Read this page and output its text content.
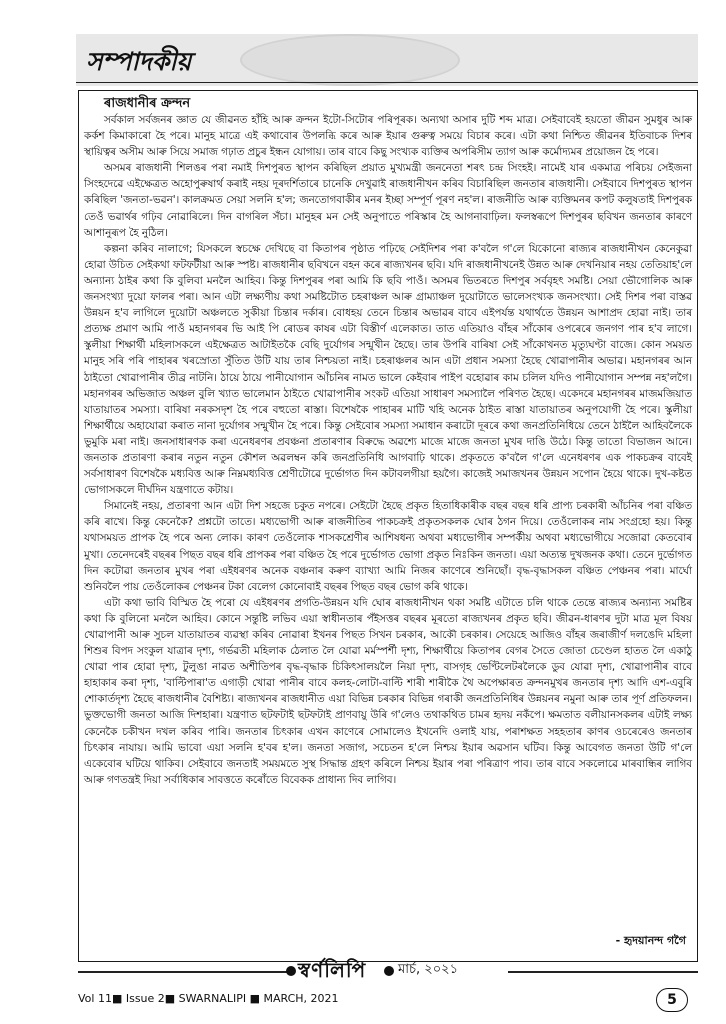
সম্পাদকীয়
ৰাজধানীৰ ক্ৰন্দন

সৰ্বকাল সৰ্বজনৰ জ্ঞাত যে জীৱনত হাঁহি আৰু ক্ৰন্দন ইটো-সিটোৰ পৰিপূৰক। অন্যথা অসাৰ দুটি শব্দ মাত্ৰ। সেইবাবেই হয়তো জীৱন সুমধুৰ আৰু কৰ্কশ কিমাকাৰো হৈ পৰে। মানুহ মাত্ৰে এই কথাবোৰ উপলব্ধি কৰে আৰু ইয়াৰ গুৰুত্ব সময়ে বিচাৰ কৰে। এটা কথা নিশ্চিত জীৱনৰ ইতিবাচক দিশৰ স্থায়িত্বৰ অসীম আৰু সিয়ে সমাজ গঢ়াত প্ৰচুৰ ইন্ধন যোগায়। তাৰ বাবে কিছু সংখ্যক ব্যক্তিৰ অপৰিসীম ত্যাগ আৰু কৰ্মোদ্যমৰ প্ৰয়োজন হৈ পৰে।

অসমৰ ৰাজধানী শিলঙৰ পৰা নমাই দিশপুৰত স্থাপন কৰিছিল প্ৰয়াত মুখ্যমন্ত্ৰী জননেতা শৰৎ চন্দ্ৰ সিংহই। নামেই যাৰ একমাত্ৰ পৰিচয় সেইজনা সিংহদেৱে এইক্ষেত্ৰত অহোপুৰুষাৰ্থ কৰাই নহয় দূৰদৰ্শিতাৰে চানেকি দেখুৱাই ৰাজধানীখন কৰিব বিচাৰিছিল জনতাৰ ৰাজধানী। সেইবাবে দিশপুৰত স্থাপন কৰিছিল 'জনতা-ভৱন'। কালক্ৰমত সেয়া সলনি হ'ল; জনতোগবাকীৰ মনৰ ইচ্ছা সম্পূৰ্ণ পূৰণ নহ'ল। ৰাজনীতি আৰু ব্যক্তিমনৰ কপট কলুষতাই দিশপুৰক তেওঁ ভৱাৰ্থৰ গঢ়িব নোৱাৰিলে। দিন বাগৰিল সঁচা। মানুহৰ মন সেই অনুপাতে পৰিস্কাৰ হৈ আগনাবাঢ়িল। ফলস্বৰূপে দিশপুৰৰ ছবিখন জনতাৰ কাৰণে আশানুৰূপ হৈ নুঠিল।

কল্পনা কৰিব নালাগে; যিসকলে স্বচক্ষে দেখিছে বা কিতাপৰ পৃষ্ঠাত পঢ়িছে সেইদিশৰ পৰা ক'বলৈ গ'লে যিকোনো ৰাজ্যৰ ৰাজধানীখন কেনেকুৱা হোৱা উচিত সেইকথা ফটফটীয়া আৰু স্পষ্ট। ৰাজধানীৰ ছবিখনে বহন কৰে ৰাজ্যখনৰ ছবি। যদি ৰাজধানীখনেই উন্নত আৰু দেখনিয়াৰ নহয় তেতিয়াহ'লে অন্যান্য ঠাইৰ কথা কি বুলিবা মনলৈ আহিব। কিন্তু দিশপুৰৰ পৰা আমি কি ছবি পাওঁ। অসমৰ ভিতৰতে দিশপুৰ সৰ্ববৃহৎ সমষ্টি। সেয়া ভৌগোলিক আৰু জনসংখ্যা দুয়ো ফালৰ পৰা। আন এটা লক্ষ্যণীয় কথা সমষ্টিটোত চহৰাঞ্চল আৰু গ্ৰাম্যাঞ্চল দুয়োটাতে ভালেসংখ্যক জনসংখ্যা। সেই দিশৰ পৰা বাস্তৱ উন্নয়ন হ'ব লাগিলে দুয়োটা অঞ্চলতে সুকীয়া চিন্তাৰ দৰ্কাৰ। বোধহয় তেনে চিন্তাৰ অভাৱৰ বাবে এইপৰ্যন্ত যথাৰ্থতে উন্নয়ন আশাপ্ৰদ হোৱা নাই। তাৰ প্ৰত্যক্ষ প্ৰমাণ আমি পাওঁ মহানগৰৰ ভি আই পি ৰোডৰ কাষৰ এটা বিস্তীৰ্ণ এলেকাত। তাত এতিয়াও বাঁহৰ সাঁকোৰ ওপৰেৰে জনগণ পাৰ হ'ব লাগে। স্কুলীয়া শিক্ষাৰ্থী মহিলাসকলে এইক্ষেত্ৰত আটাইতকৈ বেছি দুৰ্যোগৰ সন্মুখীন হৈছে। তাৰ উপৰি বাৰিষা সেই সাঁকোখনত মৃত্যুঘণ্টা বাজে। কোন সময়ত মানুহ সৰি পৰি পাহাৰৰ খৰস্ৰোতা সুঁতিত উটি যায় তাৰ নিশ্চয়তা নাই। চহৰাঞ্চলৰ আন এটা প্ৰধান সমস্যা হৈছে খোৱাপানীৰ অভাৱ। মহানগৰৰ আন ঠাইতো খোৱাপানীৰ তীব্ৰ নাটনি। ঠায়ে ঠায়ে পানীযোগান আঁচনিৰ নামত ভালে কেইবাৰ পাইপ বহোৱাৰ কাম চলিল যদিও পানীযোগান সম্পন্ন নহ'লগৈ। মহানগৰৰ অভিজাত অঞ্চল বুলি খ্যাত ভালেমান ঠাইতে খোৱাপানীৰ সংকট এতিয়া সাধাৰণ সমস্যালৈ পৰিণত হৈছে। একেদৰে মহানগৰৰ মাজমজিয়াত যাতায়াতৰ সমস্যা। বাৰিষা নৰকসদৃশ হৈ পৰে বহুতো ৰাস্তা। বিশেষকৈ পাহাৰৰ মাটি খহি অনেক ঠাইত ৰাস্তা যাতায়াতৰ অনুপযোগী হৈ পৰে। স্কুলীয়া শিক্ষাৰ্থীয়ে অহাযোৱা কৰাত নানা দুৰ্যোগৰ সন্মুখীন হৈ পৰে। কিন্তু সেইবোৰ সমস্যা সমাধান কৰাটো দূৰৰে কথা জনপ্ৰতিনিধিয়ে তেনে ঠাইলৈ আহিবলৈকে ভুমুকি মৰা নাই। জনসাধাৰণক কৰা এনেধৰণৰ প্ৰবঞ্চনা প্ৰতাৰণাৰ বিৰুদ্ধে অৱশ্যে মাজে মাজে জনতা মুখৰ দাঙি উঠে। কিন্তু তাতো বিভাজন আনে। জনতাক প্ৰতাৰণা কৰাৰ নতুন নতুন কৌশল অৱলম্বন কৰি জনপ্ৰতিনিধি আগবাঢ়ি থাকে। প্ৰকৃততে ক'বলৈ গ'লে এনেধৰণৰ এক পাকচক্ৰৰ বাবেই সৰ্বসাধাৰণ বিশেষকৈ মধ্যবিত্ত আৰু নিম্নমধ্যবিত্ত শ্ৰেণীটোৱে দুৰ্ভোগত দিন কটাবলগীয়া হয়গৈ। কাজেই সমাজখনৰ উন্নয়ন সপোন হৈয়ে থাকে। দুখ-কষ্টত ভোগাসকলে দীৰ্ঘদিন যন্ত্ৰণাতে কটায়।

সিমানেই নহয়, প্ৰতাৰণা আন এটা দিশ সহজে চকুত নপৰে। সেইটো হৈছে প্ৰকৃত হিতাধিকাৰীক বছৰ বছৰ ধৰি প্ৰাপ্য চৰকাৰী আঁচনিৰ পৰা বঞ্চিত কৰি ৰাখে। কিন্তু কেনেকৈ? প্ৰশ্নটো তাতে। মধ্যভোগী আৰু ৰাজনীতিৰ পাকচক্ৰই প্ৰকৃতসকলক ঘোৰ ঠগন দিয়ে। তেওঁলোকৰ নাম সংগ্ৰহো হয়। কিন্তু যথাসময়ত প্ৰাপক হৈ পৰে অন্য লোক। কাৰণ তেওঁলোক শাসকশ্ৰেণীৰ আশিষধন্য অথবা মধ্যভোগীৰ সম্পৰ্কীয় অথবা মধ্যভোগীয়ে সজোৱা কেতবোৰ মুখা। তেনেদৰেই বছৰৰ পিছত বছৰ ধৰি প্ৰাপকৰ পৰা বঞ্চিত হৈ পৰে দুৰ্ভোগত ভোগা প্ৰকৃত নিঃকিন জনতা। এয়া অত্যন্ত দুখজনক কথা। তেনে দুৰ্ভোগত দিন কটোৱা জনতাৰ মুখৰ পৰা এইধৰণৰ অনেক বঞ্চনাৰ কৰুণ ব্যাখ্যা আমি নিজৰ কাণেৰে শুনিছোঁ। বৃদ্ধ-বৃদ্ধাসকল বঞ্চিত পেঞ্চনৰ পৰা। মাৰ্ঘো শুনিবলৈ পায় তেওঁলোকৰ পেঞ্চনৰ টকা বেলেগ কোনোবাই বছৰৰ পিছত বছৰ ভোগ কৰি থাকে।

এটা কথা ভাবি বিস্মিত হৈ পৰো যে এইধৰণৰ প্ৰগতি-উন্নয়ন যদি ঘোৰ ৰাজধানীখন থকা সমষ্টি এটাতে চলি থাকে তেন্তে ৰাজ্যৰ অন্যান্য সমষ্টিৰ কথা কি বুলিনো মনলৈ আহিব। কোনে সন্তুষ্টি লভিব এয়া স্বাধীনতাৰ পঁইসত্তৰ বছৰৰ মূৰতো ৰাজ্যখনৰ প্ৰকৃত ছবি। জীৱন-ধাৰণৰ দুটা মাত্ৰ মূল বিষয় খোৱাপানী আৰু সুচল যাতায়াতৰ ব্যৱস্থা কৰিব নোৱাৰা ইখনৰ পিছত সিখন চৰকাৰ, আকৌ চৰকাৰ। সেয়েহে আজিও বাঁহৰ জৰাজীৰ্ণ দলঙেদি মহিলা শিশুৰ বিপদ সংকুল যাত্ৰাৰ দৃশ্য, গৰ্ভৱতী মহিলাক ঠেলাত লৈ যোৱা মৰ্মস্পৰ্শী দৃশ্য, শিক্ষাৰ্থীয়ে কিতাপৰ বেগৰ সৈতে জোতা চেণ্ডেল হাতত লৈ একাঠু খোৱা পাৰ হোৱা দৃশ্য, টুলুঙা নাৱত অশীতিপৰ বৃদ্ধ-বৃদ্ধাক চিকিৎসালয়লৈ নিয়া দৃশ্য, বাসগৃহ ভেণ্টিলেটৰলৈকে ডুব যোৱা দৃশ্য, খোৱাপানীৰ বাবে হাহাকাৰ কৰা দৃশ্য, 'বাল্টিপাৰা'ত এগাড়ী খোৱা পানীৰ বাবে কলহ-লোটা-বাল্টি শাৰী শাৰীকৈ থৈ অপেক্ষাৰত ক্ৰন্দনমুখৰ জনতাৰ দৃশ্য আদি এশ-এবুৰি শোকাৰ্তদৃশ্য হৈছে ৰাজধানীৰ বৈশিষ্ট্য। ৰাজ্যখনৰ ৰাজধানীত এয়া বিভিন্ন চৰকাৰ বিভিন্ন গৰাকী জনপ্ৰতিনিধিৰ উন্নয়নৰ নমুনা আৰু তাৰ পূৰ্ণ প্ৰতিফলন। ভুক্তভোগী জনতা আজি দিশহাৰা। যন্ত্ৰণাত ছটফটাই ছটফটাই প্ৰাণবায়ু উৰি গ'লেও তথাকথিত চামৰ হৃদয় নকঁপে। ক্ষমতাত বলীয়ানসকলৰ এটাই লক্ষ্য কেনেকৈ চকীখন দখল কৰিব পাৰি। জনতাৰ চিৎকাৰ এখন কাণেৰে সোমালেও ইখনেদি ওলাই যায়, পৰাশক্ষত সহহতাৰ কাণৰ ওচৰেৰেও জনতাৰ চিৎকাৰ নাযায়। আমি ভাবো এয়া সলনি হ'বৰ হ'ল। জনতা সজাগ, সচেতন হ'লে নিশ্চয় ইয়াৰ অৱসান ঘটিব। কিন্তু আবেগত জনতা উটি গ'লে একেবোৰ ঘটিয়ে থাকিব। সেইবাবে জনতাই সময়মতে সুস্থ সিদ্ধান্ত গ্ৰহণ কৰিলে নিশ্চয় ইয়াৰ পৰা পৰিত্ৰাণ পাব। তাৰ বাবে সকলোৱে মাৰবান্ধিৰ লাগিব আৰু গণতন্ত্ৰই দিয়া সৰ্বাধিকাৰ সাবত্ততে কৰোঁতে বিবেকক প্ৰাধান্য দিব লাগিব।

- হৃদয়ানন্দ গগৈ

স্বৰ্ণলিপি মাৰ্চ, ২০২১
Vol 11■ Issue 2■ SWARNALIPI ■ MARCH, 2021	5
